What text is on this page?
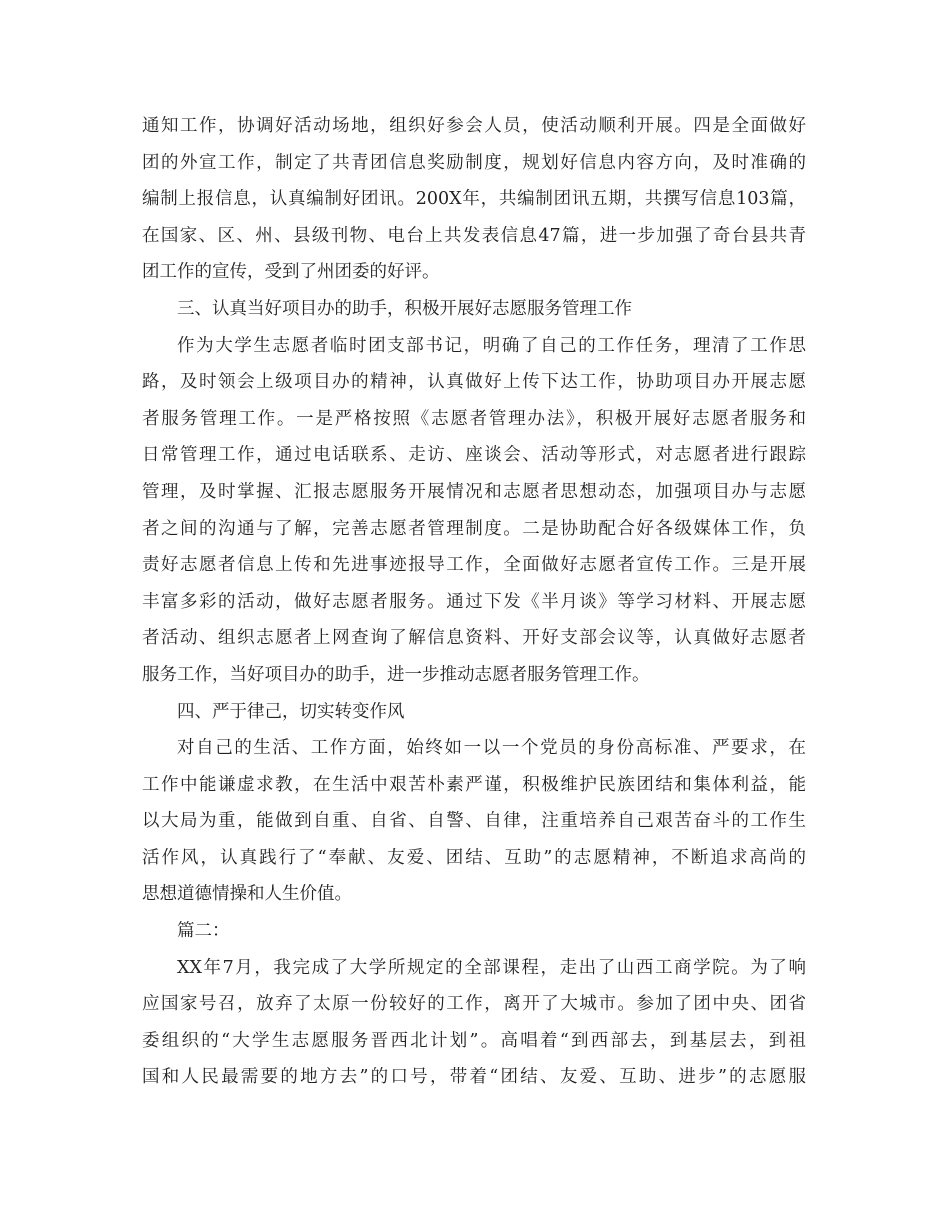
通知工作，协调好活动场地，组织好参会人员，使活动顺利开展。四是全面做好
团的外宣工作，制定了共青团信息奖励制度，规划好信息内容方向，及时准确的
编制上报信息，认真编制好团讯。200X年，共编制团讯五期，共撰写信息103篇，
在国家、区、州、县级刊物、电台上共发表信息47篇，进一步加强了奇台县共青
团工作的宣传，受到了州团委的好评。
三、认真当好项目办的助手，积极开展好志愿服务管理工作
作为大学生志愿者临时团支部书记，明确了自己的工作任务，理清了工作思
路，及时领会上级项目办的精神，认真做好上传下达工作，协助项目办开展志愿
者服务管理工作。一是严格按照《志愿者管理办法》，积极开展好志愿者服务和
日常管理工作，通过电话联系、走访、座谈会、活动等形式，对志愿者进行跟踪
管理，及时掌握、汇报志愿服务开展情况和志愿者思想动态，加强项目办与志愿
者之间的沟通与了解，完善志愿者管理制度。二是协助配合好各级媒体工作，负
责好志愿者信息上传和先进事迹报导工作，全面做好志愿者宣传工作。三是开展
丰富多彩的活动，做好志愿者服务。通过下发《半月谈》等学习材料、开展志愿
者活动、组织志愿者上网查询了解信息资料、开好支部会议等，认真做好志愿者
服务工作，当好项目办的助手，进一步推动志愿者服务管理工作。
四、严于律己，切实转变作风
对自己的生活、工作方面，始终如一以一个党员的身份高标准、严要求，在
工作中能谦虚求教，在生活中艰苦朴素严谨，积极维护民族团结和集体利益，能
以大局为重，能做到自重、自省、自警、自律，注重培养自己艰苦奋斗的工作生
活作风，认真践行了“奉献、友爱、团结、互助”的志愿精神，不断追求高尚的
思想道德情操和人生价值。
篇二：
XX年7月，我完成了大学所规定的全部课程，走出了山西工商学院。为了响
应国家号召，放弃了太原一份较好的工作，离开了大城市。参加了团中央、团省
委组织的“大学生志愿服务晋西北计划”。高唱着“到西部去，到基层去，到祖
国和人民最需要的地方去”的口号，带着“团结、友爱、互助、进步”的志愿服
